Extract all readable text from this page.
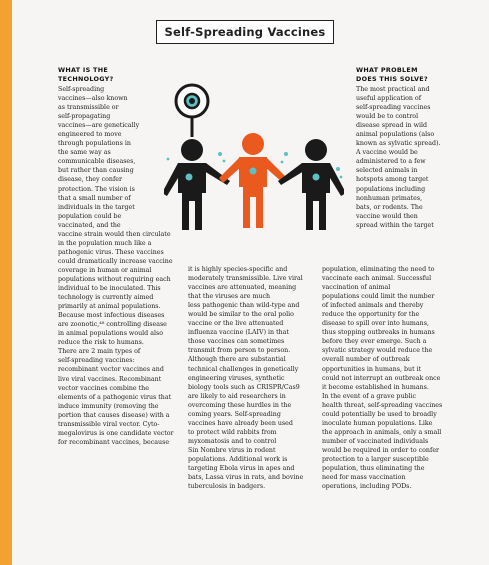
Self-Spreading Vaccines
WHAT IS THE
TECHNOLOGY?
Self-spreading
vaccines—also known
as transmissible or
self-propagating
vaccines—are genetically
engineered to move
through populations in
the same way as
communicable diseases,
but rather than causing
disease, they confer
protection. The vision is
that a small number of
individuals in the target
population could be
vaccinated, and the
vaccine strain would then circulate
in the population much like a
pathogenic virus. These vaccines
could dramatically increase vaccine
coverage in human or animal
populations without requiring each
individual to be inoculated. This
technology is currently aimed
primarily at animal populations.
Because most infectious diseases
are zoonotic,⁴⁸ controlling disease
in animal populations would also
reduce the risk to humans.
There are 2 main types of
self-spreading vaccines:
recombinant vector vaccines and
live viral vaccines. Recombinant
vector vaccines combine the
elements of a pathogenic virus that
induce immunity (removing the
portion that causes disease) with a
transmissible viral vector. Cyto-
megalovirus is one candidate vector
for recombinant vaccines, because
it is highly species-specific and
moderately transmissible. Live viral
vaccines are attenuated, meaning
that the viruses are much
less pathogenic than wild-type and
would be similar to the oral polio
vaccine or the live attenuated
influenza vaccine (LAIV) in that
those vaccines can sometimes
transmit from person to person.
Although there are substantial
technical challenges in genetically
engineering viruses, synthetic
biology tools such as CRISPR/Cas9
are likely to aid researchers in
overcoming these hurdles in the
coming years. Self-spreading
vaccines have already been used
to protect wild rabbits from
myxomatosis and to control
Sin Nombre virus in rodent
populations. Additional work is
targeting Ebola virus in apes and
bats, Lassa virus in rats, and bovine
tuberculosis in badgers.
WHAT PROBLEM
DOES THIS SOLVE?
The most practical and
useful application of
self-spreading vaccines
would be to control
disease spread in wild
animal populations (also
known as sylvatic spread).
A vaccine would be
administered to a few
selected animals in
hotspots among target
populations including
nonhuman primates,
bats, or rodents. The
vaccine would then
spread within the target
population, eliminating the need to
vaccinate each animal. Successful
vaccination of animal
populations could limit the number
of infected animals and thereby
reduce the opportunity for the
disease to spill over into humans,
thus stopping outbreaks in humans
before they ever emerge. Such a
sylvatic strategy would reduce the
overall number of outbreak
opportunities in humans, but it
could not interrupt an outbreak once
it become established in humans.
In the event of a grave public
health threat, self-spreading vaccines
could potentially be used to broadly
inoculate human populations. Like
the approach in animals, only a small
number of vaccinated individuals
would be required in order to confer
protection to a larger susceptible
population, thus eliminating the
need for mass vaccination
operations, including PODs.
